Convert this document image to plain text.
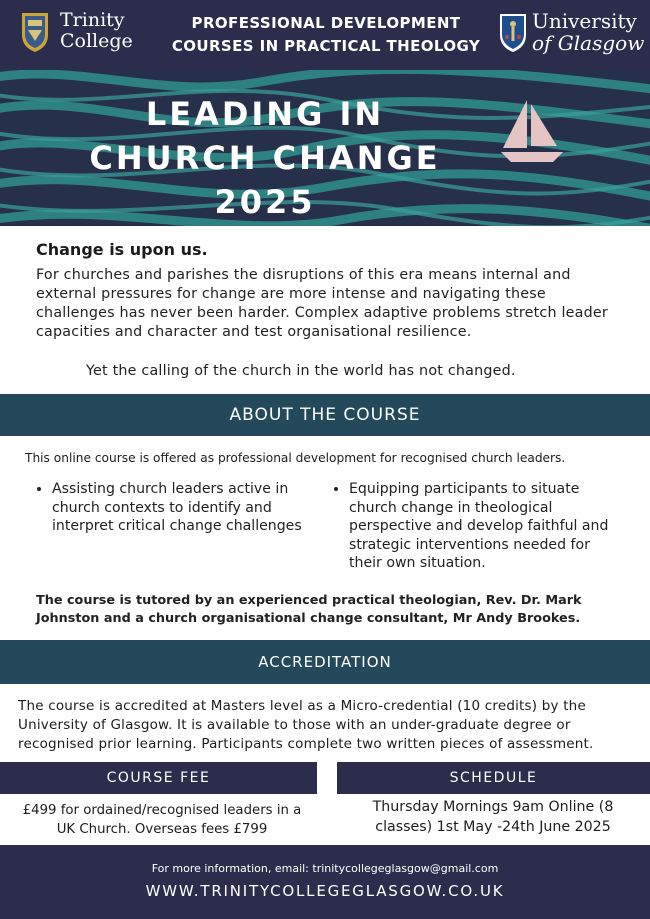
Trinity
College
PROFESSIONAL DEVELOPMENT
COURSES IN PRACTICAL THEOLOGY
University
of Glasgow
LEADING IN
CHURCH CHANGE
2025
Change is upon us.
For churches and parishes the disruptions of this era means internal and external pressures for change are more intense and navigating these challenges has never been harder. Complex adaptive problems stretch leader capacities and character and test organisational resilience.
Yet the calling of the church in the world has not changed.
ABOUT THE COURSE
This online course is offered as professional development for recognised church leaders.
• Assisting church leaders active in church contexts to identify and interpret critical change challenges
• Equipping participants to situate church change in theological perspective and develop faithful and strategic interventions needed for their own situation.
The course is tutored by an experienced practical theologian, Rev. Dr. Mark Johnston and a church organisational change consultant, Mr Andy Brookes.
ACCREDITATION
The course is accredited at Masters level as a Micro-credential (10 credits) by the University of Glasgow. It is available to those with an under-graduate degree or recognised prior learning. Participants complete two written pieces of assessment.
COURSE FEE	SCHEDULE
£499 for ordained/recognised leaders in a UK Church. Overseas fees £799
Thursday Mornings 9am Online (8 classes) 1st May -24th June 2025
For more information, email: trinitycollegeglasgow@gmail.com
WWW.TRINITYCOLLEGEGLASGOW.CO.UK
